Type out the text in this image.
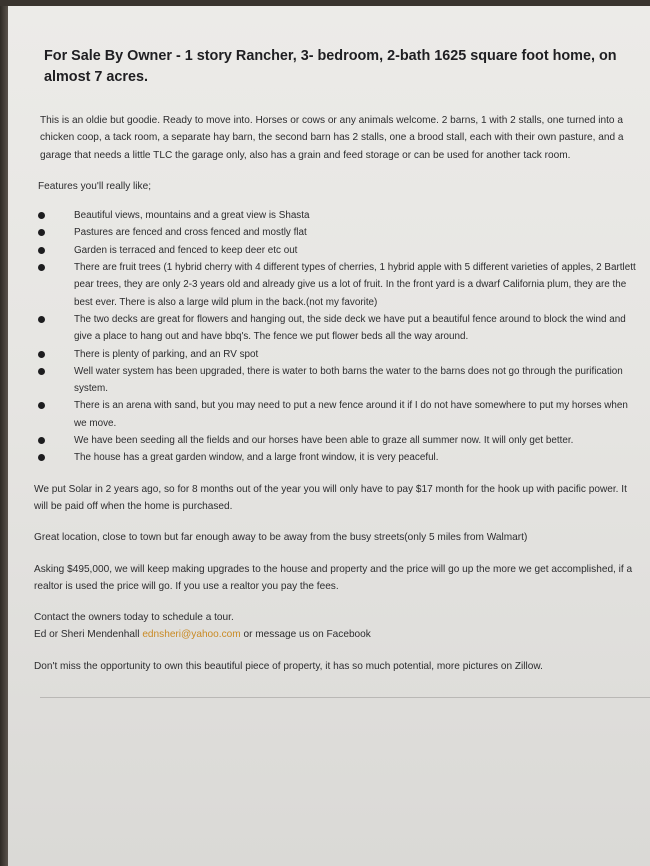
For Sale By Owner - 1 story Rancher, 3- bedroom, 2-bath 1625 square foot home, on almost 7 acres.

This is an oldie but goodie. Ready to move into. Horses or cows or any animals welcome. 2 barns, 1 with 2 stalls, one turned into a chicken coop, a tack room, a separate hay barn, the second barn has 2 stalls, one a brood stall, each with their own pasture, and a garage that needs a little TLC the garage only, also has a grain and feed storage or can be used for another tack room.

Features you'll really like;

Beautiful views, mountains and a great view is Shasta
Pastures are fenced and cross fenced and mostly flat
Garden is terraced and fenced to keep deer etc out
There are fruit trees (1 hybrid cherry with 4 different types of cherries, 1 hybrid apple with 5 different varieties of apples, 2 Bartlett pear trees, they are only 2-3 years old and already give us a lot of fruit. In the front yard is a dwarf California plum, they are the best ever. There is also a large wild plum in the back.(not my favorite)
The two decks are great for flowers and hanging out, the side deck we have put a beautiful fence around to block the wind and give a place to hang out and have bbq's. The fence we put flower beds all the way around.
There is plenty of parking, and an RV spot
Well water system has been upgraded, there is water to both barns the water to the barns does not go through the purification system.
There is an arena with sand, but you may need to put a new fence around it if I do not have somewhere to put my horses when we move.
We have been seeding all the fields and our horses have been able to graze all summer now. It will only get better.
The house has a great garden window, and a large front window, it is very peaceful.

We put Solar in 2 years ago, so for 8 months out of the year you will only have to pay $17 month for the hook up with pacific power. It will be paid off when the home is purchased.

Great location, close to town but far enough away to be away from the busy streets(only 5 miles from Walmart)

Asking $495,000, we will keep making upgrades to the house and property and the price will go up the more we get accomplished, if a realtor is used the price will go. If you use a realtor you pay the fees.

Contact the owners today to schedule a tour.
Ed or Sheri Mendenhall ednsheri@yahoo.com or message us on Facebook

Don't miss the opportunity to own this beautiful piece of property, it has so much potential, more pictures on Zillow.
